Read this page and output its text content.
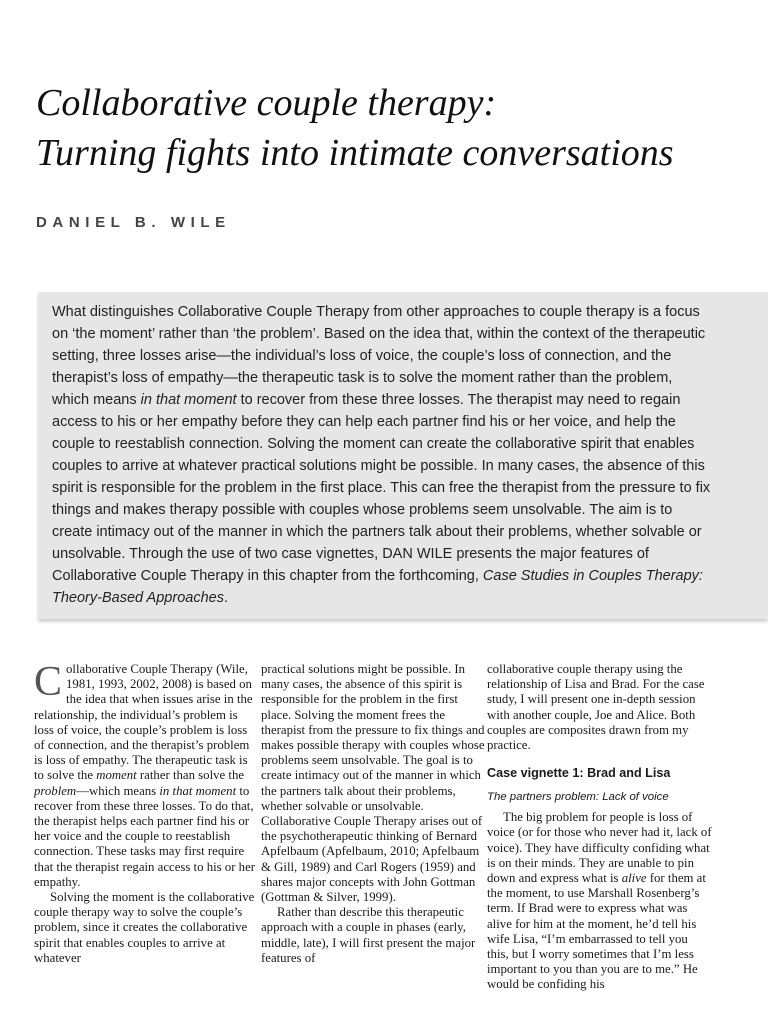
Collaborative couple therapy:
Turning fights into intimate conversations
DANIEL B. WILE
What distinguishes Collaborative Couple Therapy from other approaches to couple therapy is a focus on ‘the moment’ rather than ‘the problem’. Based on the idea that, within the context of the therapeutic setting, three losses arise—the individual’s loss of voice, the couple’s loss of connection, and the therapist’s loss of empathy—the therapeutic task is to solve the moment rather than the problem, which means in that moment to recover from these three losses. The therapist may need to regain access to his or her empathy before they can help each partner find his or her voice, and help the couple to reestablish connection. Solving the moment can create the collaborative spirit that enables couples to arrive at whatever practical solutions might be possible. In many cases, the absence of this spirit is responsible for the problem in the first place. This can free the therapist from the pressure to fix things and makes therapy possible with couples whose problems seem unsolvable. The aim is to create intimacy out of the manner in which the partners talk about their problems, whether solvable or unsolvable. Through the use of two case vignettes, DAN WILE presents the major features of Collaborative Couple Therapy in this chapter from the forthcoming, Case Studies in Couples Therapy: Theory-Based Approaches.

Collaborative Couple Therapy (Wile, 1981, 1993, 2002, 2008) is based on the idea that when issues arise in the relationship, the individual’s problem is loss of voice, the couple’s problem is loss of connection, and the therapist’s problem is loss of empathy. The therapeutic task is to solve the moment rather than solve the problem—which means in that moment to recover from these three losses. To do that, the therapist helps each partner find his or her voice and the couple to reestablish connection. These tasks may first require that the therapist regain access to his or her empathy.

Solving the moment is the collaborative couple therapy way to solve the couple’s problem, since it creates the collaborative spirit that enables couples to arrive at whatever

practical solutions might be possible. In many cases, the absence of this spirit is responsible for the problem in the first place. Solving the moment frees the therapist from the pressure to fix things and makes possible therapy with couples whose problems seem unsolvable. The goal is to create intimacy out of the manner in which the partners talk about their problems, whether solvable or unsolvable. Collaborative Couple Therapy arises out of the psychotherapeutic thinking of Bernard Apfelbaum (Apfelbaum, 2010; Apfelbaum & Gill, 1989) and Carl Rogers (1959) and shares major concepts with John Gottman (Gottman & Silver, 1999).

Rather than describe this therapeutic approach with a couple in phases (early, middle, late), I will first present the major features of

collaborative couple therapy using the relationship of Lisa and Brad. For the case study, I will present one in-depth session with another couple, Joe and Alice. Both couples are composites drawn from my practice.

Case vignette 1: Brad and Lisa
The partners problem: Lack of voice

The big problem for people is loss of voice (or for those who never had it, lack of voice). They have difficulty confiding what is on their minds. They are unable to pin down and express what is alive for them at the moment, to use Marshall Rosenberg’s term. If Brad were to express what was alive for him at the moment, he’d tell his wife Lisa, “I’m embarrassed to tell you this, but I worry sometimes that I’m less important to you than you are to me.” He would be confiding his
